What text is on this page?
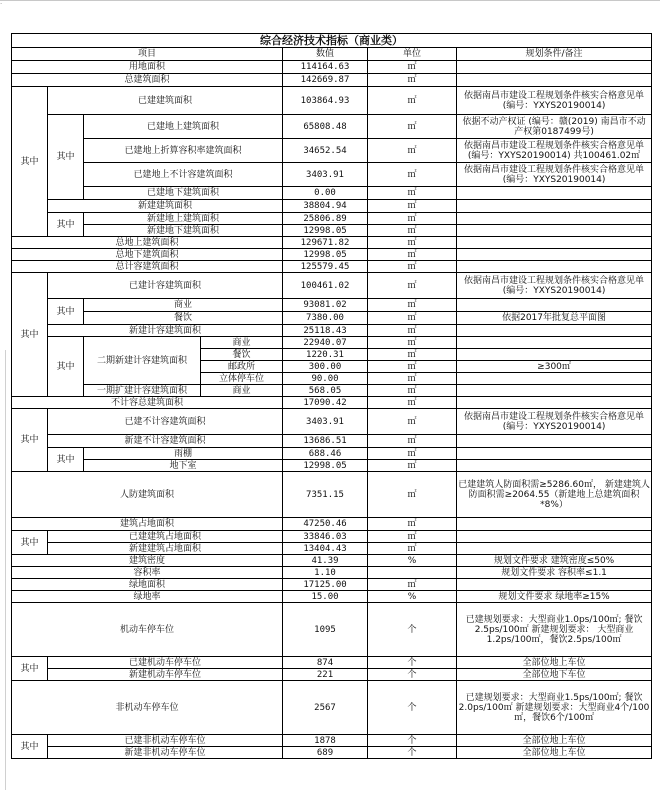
·
综合经济技术指标（商业类）						
项目				数值	单位	规划条件/备注
用地面积				114164.63	㎡	
总建筑面积				142669.87	㎡	
其中	已建建筑面积			103864.93	㎡	依据南昌市建设工程规划条件核实合格意见单 (编号：YXYS20190014)
	其中	已建地上建筑面积		65808.48	㎡	依据不动产权证 (编号：赣(2019) 南昌市不动产权第0187499号)
		已建地上折算容积率建筑面积		34652.54	㎡	依据南昌市建设工程规划条件核实合格意见单 (编号：YXYS20190014) 共100461.02㎡
		已建地上不计容建筑面积		3403.91	㎡	依据南昌市建设工程规划条件核实合格意见单 (编号：YXYS20190014)
		已建地下建筑面积		0.00	㎡	
	新建建筑面积			38804.94	㎡	
	其中	新建地上建筑面积		25806.89	㎡	
		新建地下建筑面积		12998.05	㎡	
总地上建筑面积				129671.82	㎡	
总地下建筑面积				12998.05	㎡	
总计容建筑面积				125579.45	㎡	
其中	已建计容建筑面积			100461.02	㎡	依据南昌市建设工程规划条件核实合格意见单 (编号：YXYS20190014)
	其中	商业		93081.02	㎡	
		餐饮		7380.00	㎡	依据2017年批复总平面图
	新建计容建筑面积			25118.43	㎡	
	其中	二期新建计容建筑面积	商业	22940.07	㎡	
			餐饮	1220.31	㎡	
			邮政所	300.00	㎡	≥300㎡
			立体停车位	90.00	㎡	
		一期扩建计容建筑面积	商业	568.05	㎡	
不计容总建筑面积				17090.42	㎡	
其中	已建不计容建筑面积			3403.91	㎡	依据南昌市建设工程规划条件核实合格意见单 (编号：YXYS20190014)
	新建不计容建筑面积			13686.51	㎡	
	其中	雨棚		688.46	㎡	
		地下室		12998.05	㎡	
人防建筑面积				7351.15	㎡	已建建筑人防面积需≥5286.60㎡， 新建建筑人防面积需≥2064.55（新建地上总建筑面积 *8%）
建筑占地面积				47250.46	㎡	
其中	已建建筑占地面积			33846.03	㎡	
	新建建筑占地面积			13404.43	㎡	
建筑密度				41.39	%	规划文件要求 建筑密度≤50%
容积率				1.10		规划文件要求 容积率≤1.1
绿地面积				17125.00	㎡	
绿地率				15.00	%	规划文件要求 绿地率≥15%
机动车停车位				1095	个	已建规划要求：大型商业1.0ps/100㎡; 餐饮2.5ps/100㎡ 新建规划要求： 大型商业1.2ps/100㎡，餐饮2.5ps/100㎡
其中	已建机动车停车位			874	个	全部位地上车位
	新建机动车停车位			221	个	全部位地下车位
非机动车停车位				2567	个	已建规划要求：大型商业1.5ps/100㎡; 餐饮2.0ps/100㎡ 新建规划要求：大型商业4个/100㎡，餐饮6个/100㎡
其中	已建非机动车停车位			1878	个	全部位地上车位
	新建非机动车停车位			689	个	全部位地上车位
